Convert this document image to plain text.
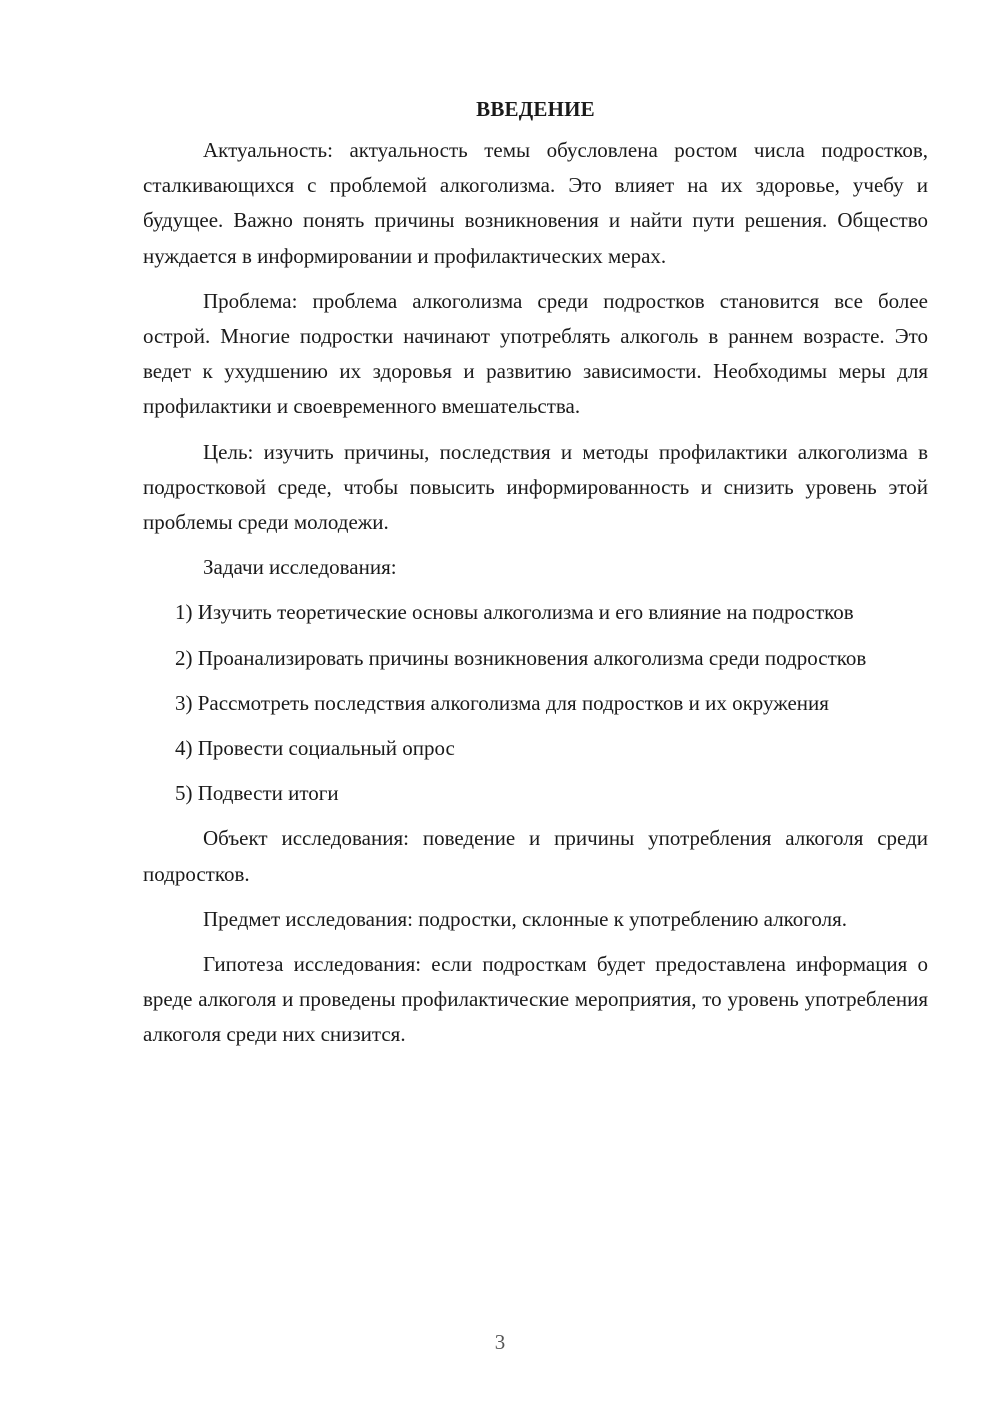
ВВЕДЕНИЕ

Актуальность: актуальность темы обусловлена ростом числа подростков, сталкивающихся с проблемой алкоголизма. Это влияет на их здоровье, учебу и будущее. Важно понять причины возникновения и найти пути решения. Общество нуждается в информировании и профилактических мерах.

Проблема: проблема алкоголизма среди подростков становится все более острой. Многие подростки начинают употреблять алкоголь в раннем возрасте. Это ведет к ухудшению их здоровья и развитию зависимости. Необходимы меры для профилактики и своевременного вмешательства.

Цель: изучить причины, последствия и методы профилактики алкоголизма в подростковой среде, чтобы повысить информированность и снизить уровень этой проблемы среди молодежи.

Задачи исследования:

1) Изучить теоретические основы алкоголизма и его влияние на подростков

2) Проанализировать причины возникновения алкоголизма среди подростков

3) Рассмотреть последствия алкоголизма для подростков и их окружения

4) Провести социальный опрос

5) Подвести итоги

Объект исследования: поведение и причины употребления алкоголя среди подростков.

Предмет исследования: подростки, склонные к употреблению алкоголя.

Гипотеза исследования: если подросткам будет предоставлена информация о вреде алкоголя и проведены профилактические мероприятия, то уровень употребления алкоголя среди них снизится.

3
